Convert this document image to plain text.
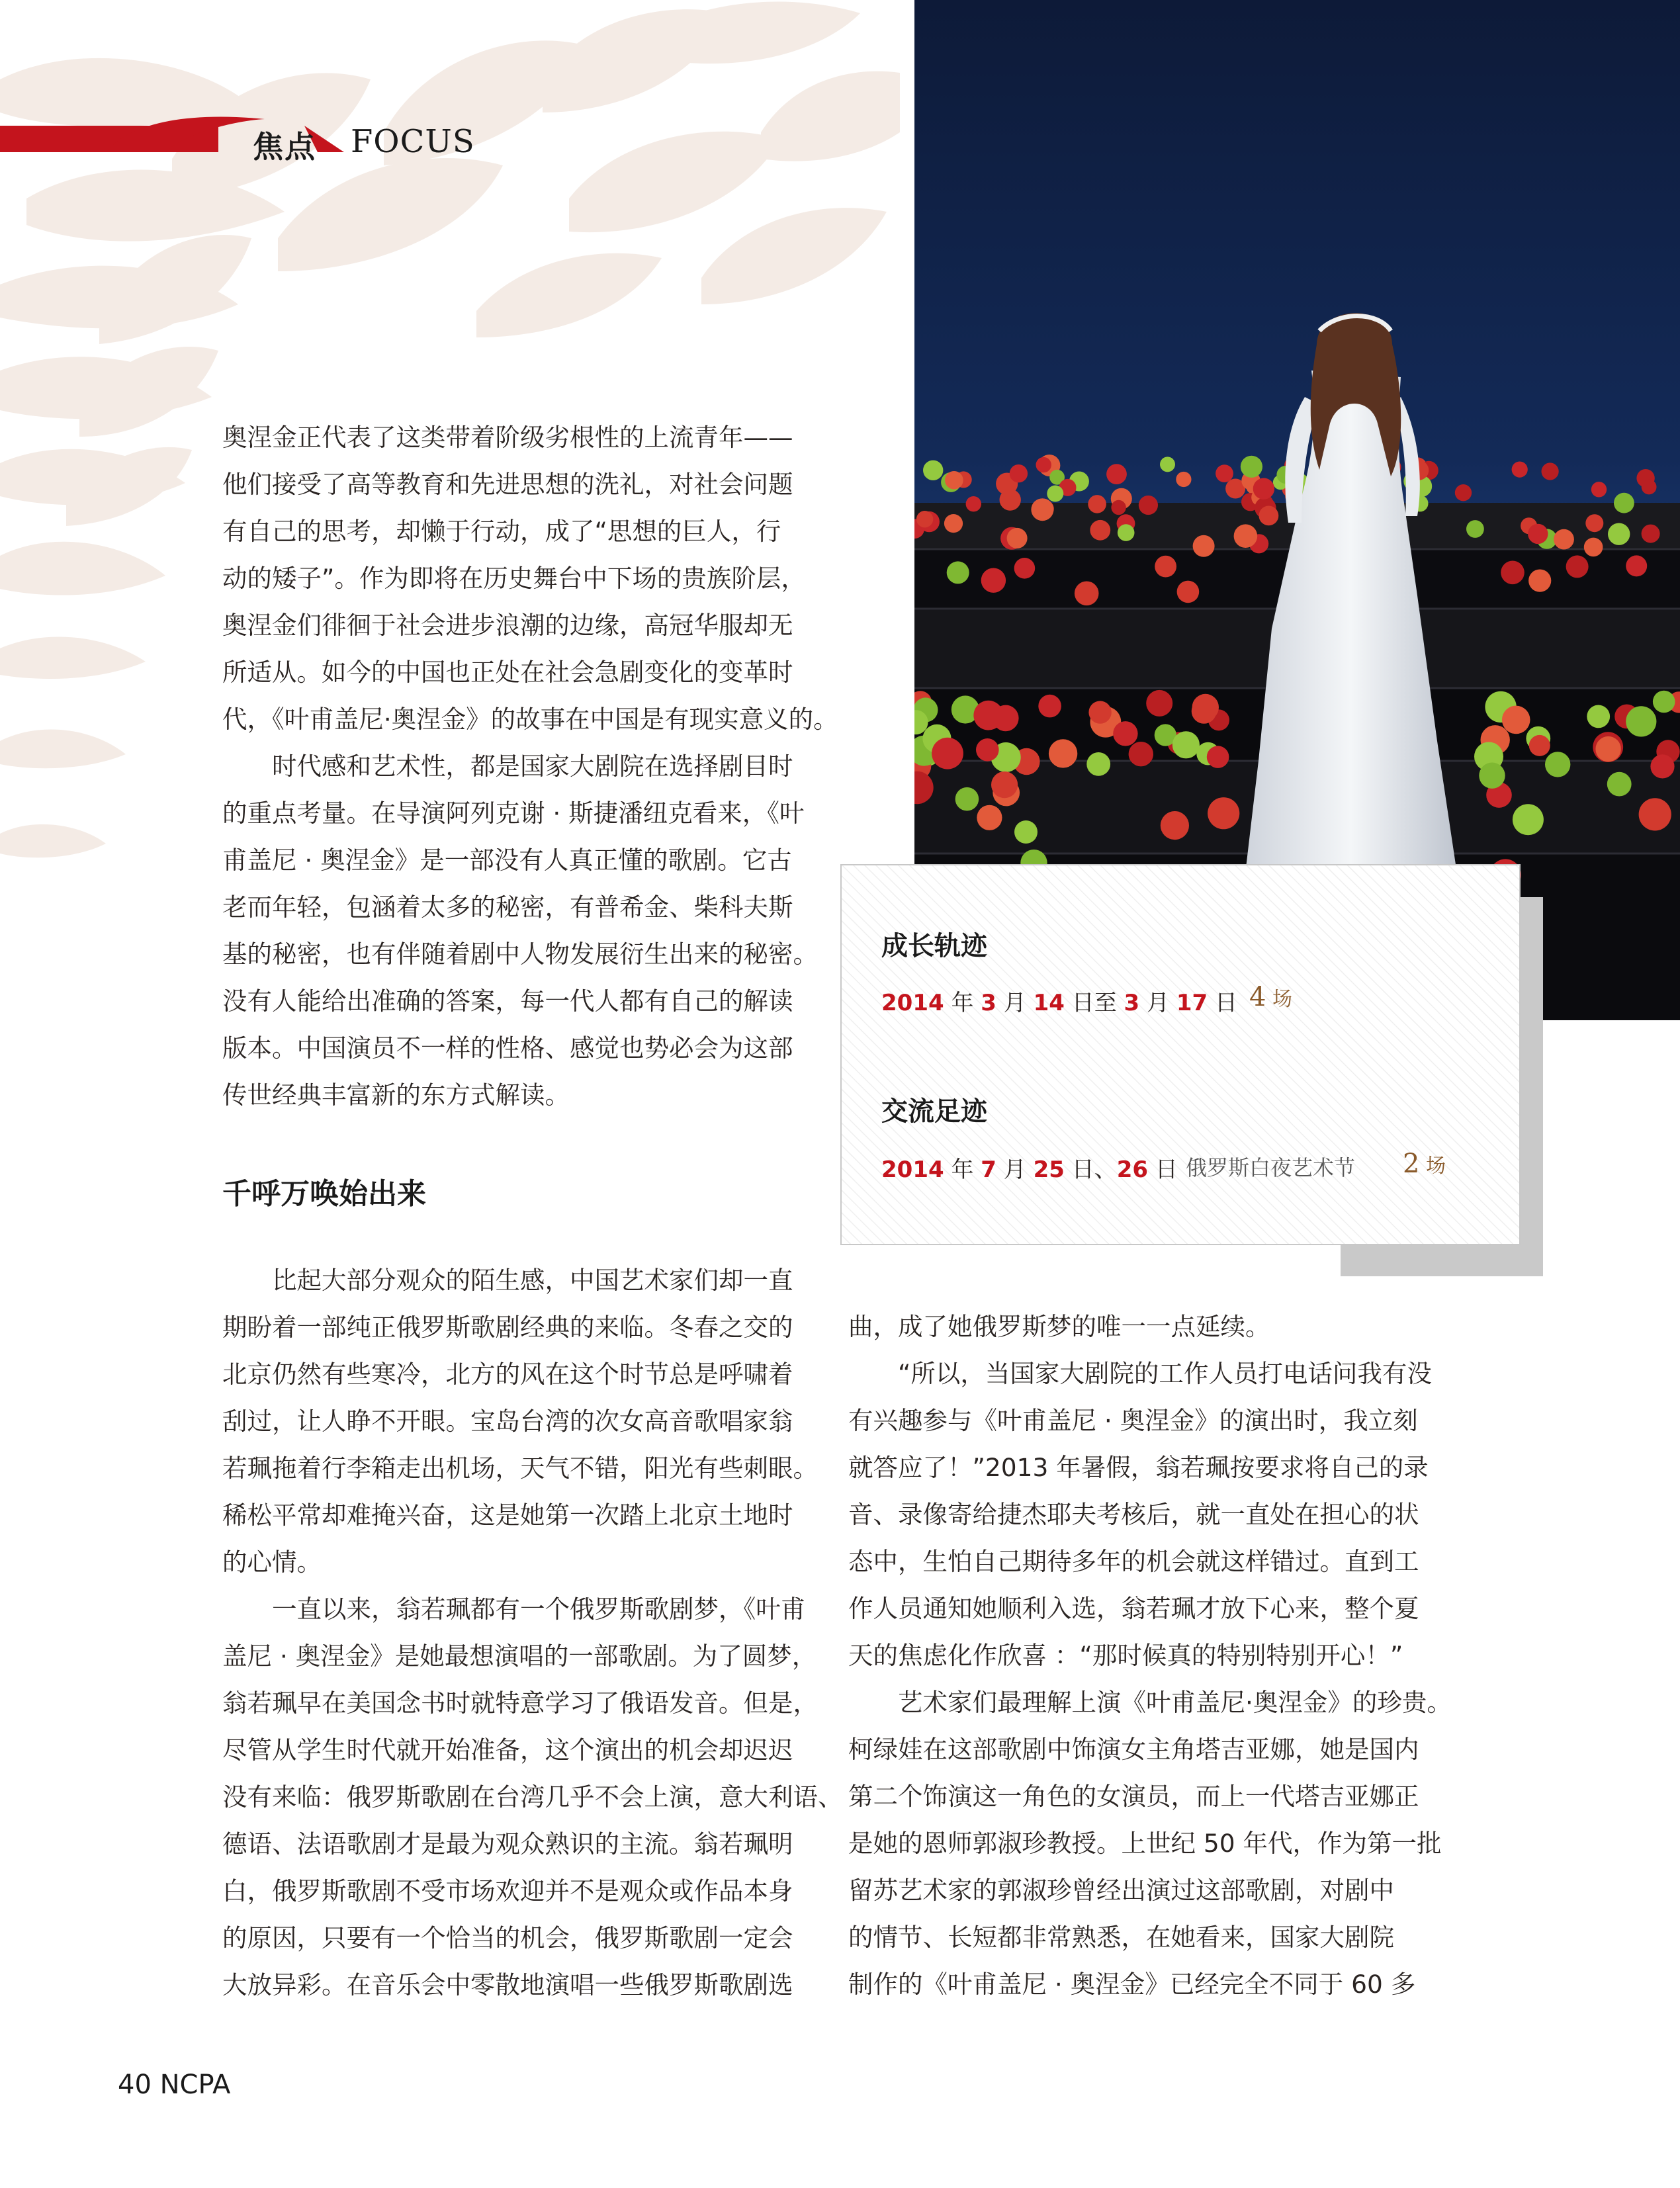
焦点 FOCUS

奥涅金正代表了这类带着阶级劣根性的上流青年——

他们接受了高等教育和先进思想的洗礼，对社会问题

有自己的思考，却懒于行动，成了“思想的巨人，行

动的矮子”。作为即将在历史舞台中下场的贵族阶层，

奥涅金们徘徊于社会进步浪潮的边缘，高冠华服却无

所适从。如今的中国也正处在社会急剧变化的变革时

代，《叶甫盖尼·奥涅金》的故事在中国是有现实意义的。

　　时代感和艺术性，都是国家大剧院在选择剧目时

的重点考量。在导演阿列克谢 · 斯捷潘纽克看来，《叶

甫盖尼 · 奥涅金》是一部没有人真正懂的歌剧。它古

老而年轻，包涵着太多的秘密，有普希金、柴科夫斯

基的秘密，也有伴随着剧中人物发展衍生出来的秘密。

没有人能给出准确的答案，每一代人都有自己的解读

版本。中国演员不一样的性格、感觉也势必会为这部

传世经典丰富新的东方式解读。

千呼万唤始出来

　　比起大部分观众的陌生感，中国艺术家们却一直

期盼着一部纯正俄罗斯歌剧经典的来临。冬春之交的

北京仍然有些寒冷，北方的风在这个时节总是呼啸着

刮过，让人睁不开眼。宝岛台湾的次女高音歌唱家翁

若珮拖着行李箱走出机场，天气不错，阳光有些刺眼。

稀松平常却难掩兴奋，这是她第一次踏上北京土地时

的心情。

　　一直以来，翁若珮都有一个俄罗斯歌剧梦，《叶甫

盖尼 · 奥涅金》是她最想演唱的一部歌剧。为了圆梦，

翁若珮早在美国念书时就特意学习了俄语发音。但是，

尽管从学生时代就开始准备，这个演出的机会却迟迟

没有来临：俄罗斯歌剧在台湾几乎不会上演，意大利语、

德语、法语歌剧才是最为观众熟识的主流。翁若珮明

白，俄罗斯歌剧不受市场欢迎并不是观众或作品本身

的原因，只要有一个恰当的机会，俄罗斯歌剧一定会

大放异彩。在音乐会中零散地演唱一些俄罗斯歌剧选

曲，成了她俄罗斯梦的唯一一点延续。

　　“所以，当国家大剧院的工作人员打电话问我有没

有兴趣参与《叶甫盖尼 · 奥涅金》的演出时，我立刻

就答应了！”2013 年暑假，翁若珮按要求将自己的录

音、录像寄给捷杰耶夫考核后，就一直处在担心的状

态中，生怕自己期待多年的机会就这样错过。直到工

作人员通知她顺利入选，翁若珮才放下心来，整个夏

天的焦虑化作欣喜 ：“那时候真的特别特别开心！”

　　艺术家们最理解上演《叶甫盖尼·奥涅金》的珍贵。

柯绿娃在这部歌剧中饰演女主角塔吉亚娜，她是国内

第二个饰演这一角色的女演员，而上一代塔吉亚娜正

是她的恩师郭淑珍教授。上世纪 50 年代，作为第一批

留苏艺术家的郭淑珍曾经出演过这部歌剧，对剧中

的情节、长短都非常熟悉，在她看来，国家大剧院

制作的《叶甫盖尼 · 奥涅金》已经完全不同于 60 多

成长轨迹
2014 年 3 月 14 日至 3 月 17 日 4 场
交流足迹
2014 年 7 月 25 日、26 日 俄罗斯白夜艺术节 2 场
40 NCPA
